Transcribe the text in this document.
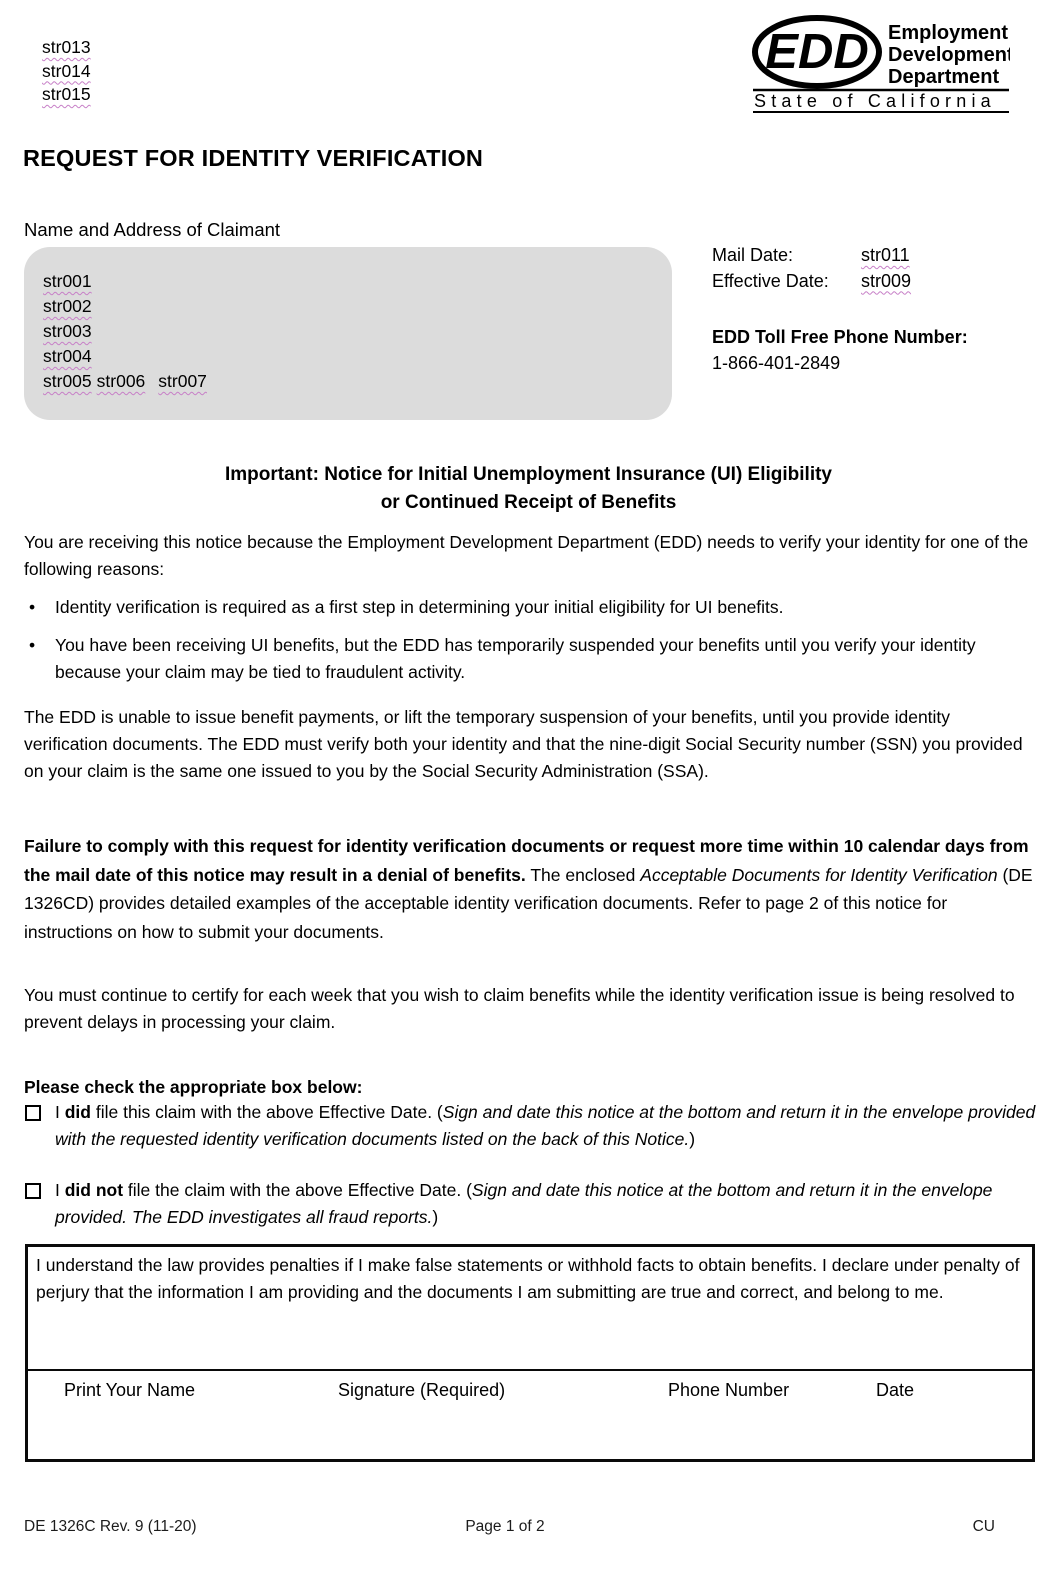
str013
str014
str015
EDD Employment
Development
Department
State of California
REQUEST FOR IDENTITY VERIFICATION
Name and Address of Claimant
str001
str002
str003
str004
str005 str006 str007
Mail Date:	str011
Effective Date:	str009
EDD Toll Free Phone Number:
1-866-401-2849
Important: Notice for Initial Unemployment Insurance (UI) Eligibility
or Continued Receipt of Benefits
You are receiving this notice because the Employment Development Department (EDD) needs to verify your identity for one of the following reasons:
• Identity verification is required as a first step in determining your initial eligibility for UI benefits.
• You have been receiving UI benefits, but the EDD has temporarily suspended your benefits until you verify your identity because your claim may be tied to fraudulent activity.
The EDD is unable to issue benefit payments, or lift the temporary suspension of your benefits, until you provide identity verification documents. The EDD must verify both your identity and that the nine-digit Social Security number (SSN) you provided on your claim is the same one issued to you by the Social Security Administration (SSA).
Failure to comply with this request for identity verification documents or request more time within 10 calendar days from the mail date of this notice may result in a denial of benefits. The enclosed Acceptable Documents for Identity Verification (DE 1326CD) provides detailed examples of the acceptable identity verification documents. Refer to page 2 of this notice for instructions on how to submit your documents.
You must continue to certify for each week that you wish to claim benefits while the identity verification issue is being resolved to prevent delays in processing your claim.
Please check the appropriate box below:
I did file this claim with the above Effective Date. (Sign and date this notice at the bottom and return it in the envelope provided with the requested identity verification documents listed on the back of this Notice.)
I did not file the claim with the above Effective Date. (Sign and date this notice at the bottom and return it in the envelope provided. The EDD investigates all fraud reports.)
I understand the law provides penalties if I make false statements or withhold facts to obtain benefits. I declare under penalty of perjury that the information I am providing and the documents I am submitting are true and correct, and belong to me.
Print Your Name	Signature (Required)	Phone Number	Date
DE 1326C Rev. 9 (11-20)	Page 1 of 2	CU
